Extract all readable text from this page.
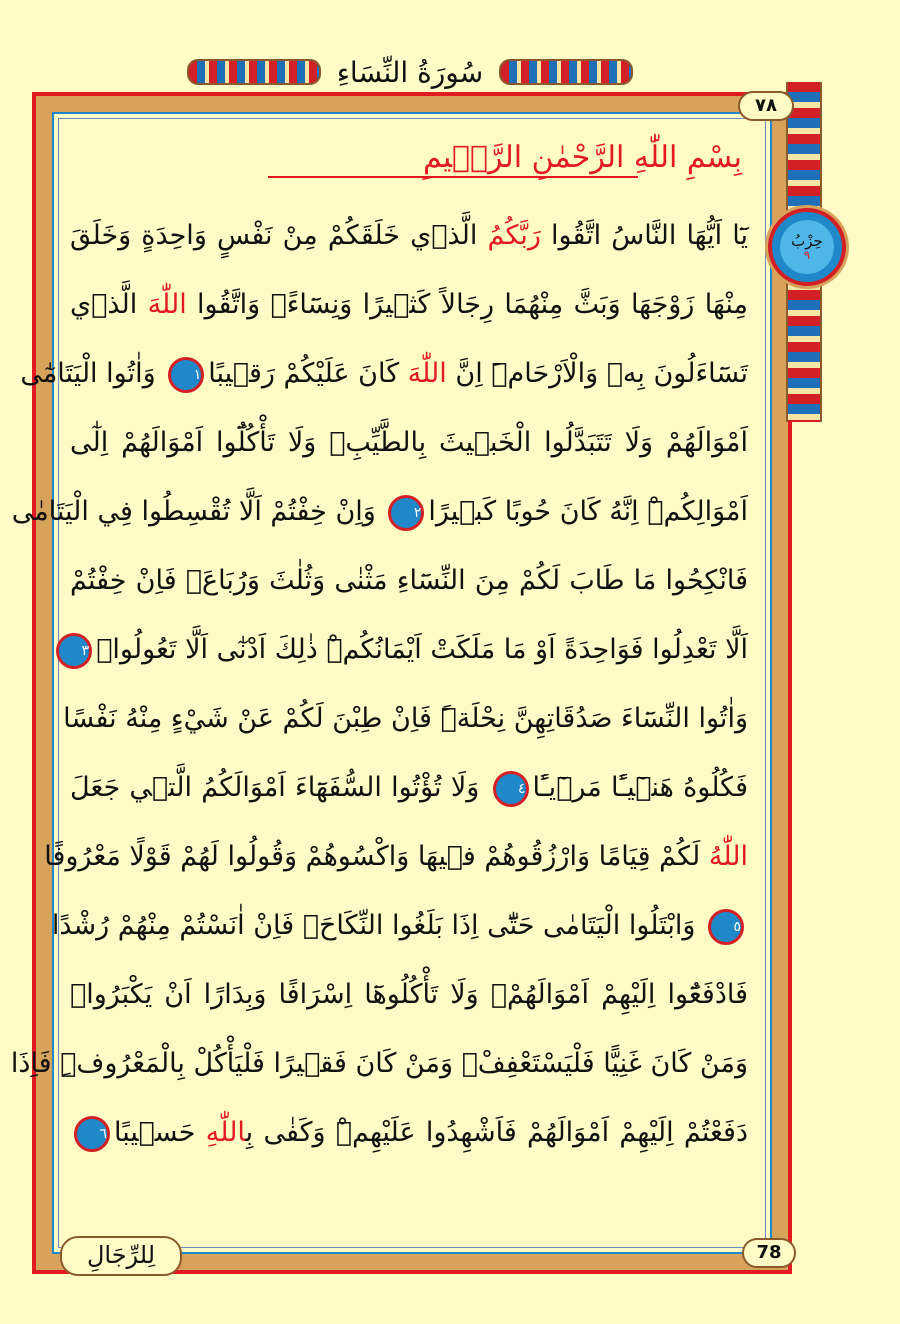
سُورَةُ النِّسَاءِ
٧٨
حِزْبُ
٩
بِسْمِ اللّٰهِ الرَّحْمٰنِ الرَّح۪يمِ
يَٓا اَيُّهَا النَّاسُ اتَّقُوا رَبَّكُمُ الَّذ۪ي خَلَقَكُمْ مِنْ نَفْسٍ وَاحِدَةٍ وَخَلَقَ
مِنْهَا زَوْجَهَا وَبَثَّ مِنْهُمَا رِجَالاً كَث۪يرًا وَنِسَٓاءًۚ وَاتَّقُوا اللّٰهَ الَّذ۪ي
تَسَٓاءَلُونَ بِه۪ وَالْاَرْحَامَۜ اِنَّ اللّٰهَ كَانَ عَلَيْكُمْ رَق۪يبًا١ وَاٰتُوا الْيَتَامٰٓى
اَمْوَالَهُمْ وَلَا تَتَبَدَّلُوا الْخَب۪يثَ بِالطَّيِّبِۖ وَلَا تَأْكُلُٓوا اَمْوَالَهُمْ اِلٰٓى
اَمْوَالِكُمْۜ اِنَّهُ كَانَ حُوبًا كَب۪يرًا٢ وَاِنْ خِفْتُمْ اَلَّا تُقْسِطُوا فِي الْيَتَامٰى
فَانْكِحُوا مَا طَابَ لَكُمْ مِنَ النِّسَٓاءِ مَثْنٰى وَثُلٰثَ وَرُبَاعَۚ فَاِنْ خِفْتُمْ
اَلَّا تَعْدِلُوا فَوَاحِدَةً اَوْ مَا مَلَكَتْ اَيْمَانُكُمْۜ ذٰلِكَ اَدْنٰٓى اَلَّا تَعُولُواۜ٣
وَاٰتُوا النِّسَٓاءَ صَدُقَاتِهِنَّ نِحْلَةًۜ فَاِنْ طِبْنَ لَكُمْ عَنْ شَيْءٍ مِنْهُ نَفْسًا
فَكُلُوهُ هَن۪ٓيـًٔا مَر۪ٓيـًٔا٤ وَلَا تُؤْتُوا السُّفَهَٓاءَ اَمْوَالَكُمُ الَّت۪ي جَعَلَ
اللّٰهُ لَكُمْ قِيَامًا وَارْزُقُوهُمْ ف۪يهَا وَاكْسُوهُمْ وَقُولُوا لَهُمْ قَوْلًا مَعْرُوفًا
٥ وَابْتَلُوا الْيَتَامٰى حَتّٰٓى اِذَا بَلَغُوا النِّكَاحَۚ فَاِنْ اٰنَسْتُمْ مِنْهُمْ رُشْدًا
فَادْفَعُٓوا اِلَيْهِمْ اَمْوَالَهُمْۚ وَلَا تَأْكُلُوهَٓا اِسْرَافًا وَبِدَارًا اَنْ يَكْبَرُواۜ
وَمَنْ كَانَ غَنِيًّا فَلْيَسْتَعْفِفْۚ وَمَنْ كَانَ فَق۪يرًا فَلْيَأْكُلْ بِالْمَعْرُوفِۜ فَاِذَا
دَفَعْتُمْ اِلَيْهِمْ اَمْوَالَهُمْ فَاَشْهِدُوا عَلَيْهِمْۜ وَكَفٰى بِاللّٰهِ حَس۪يبًا٦
78
لِلرِّجَالِ
